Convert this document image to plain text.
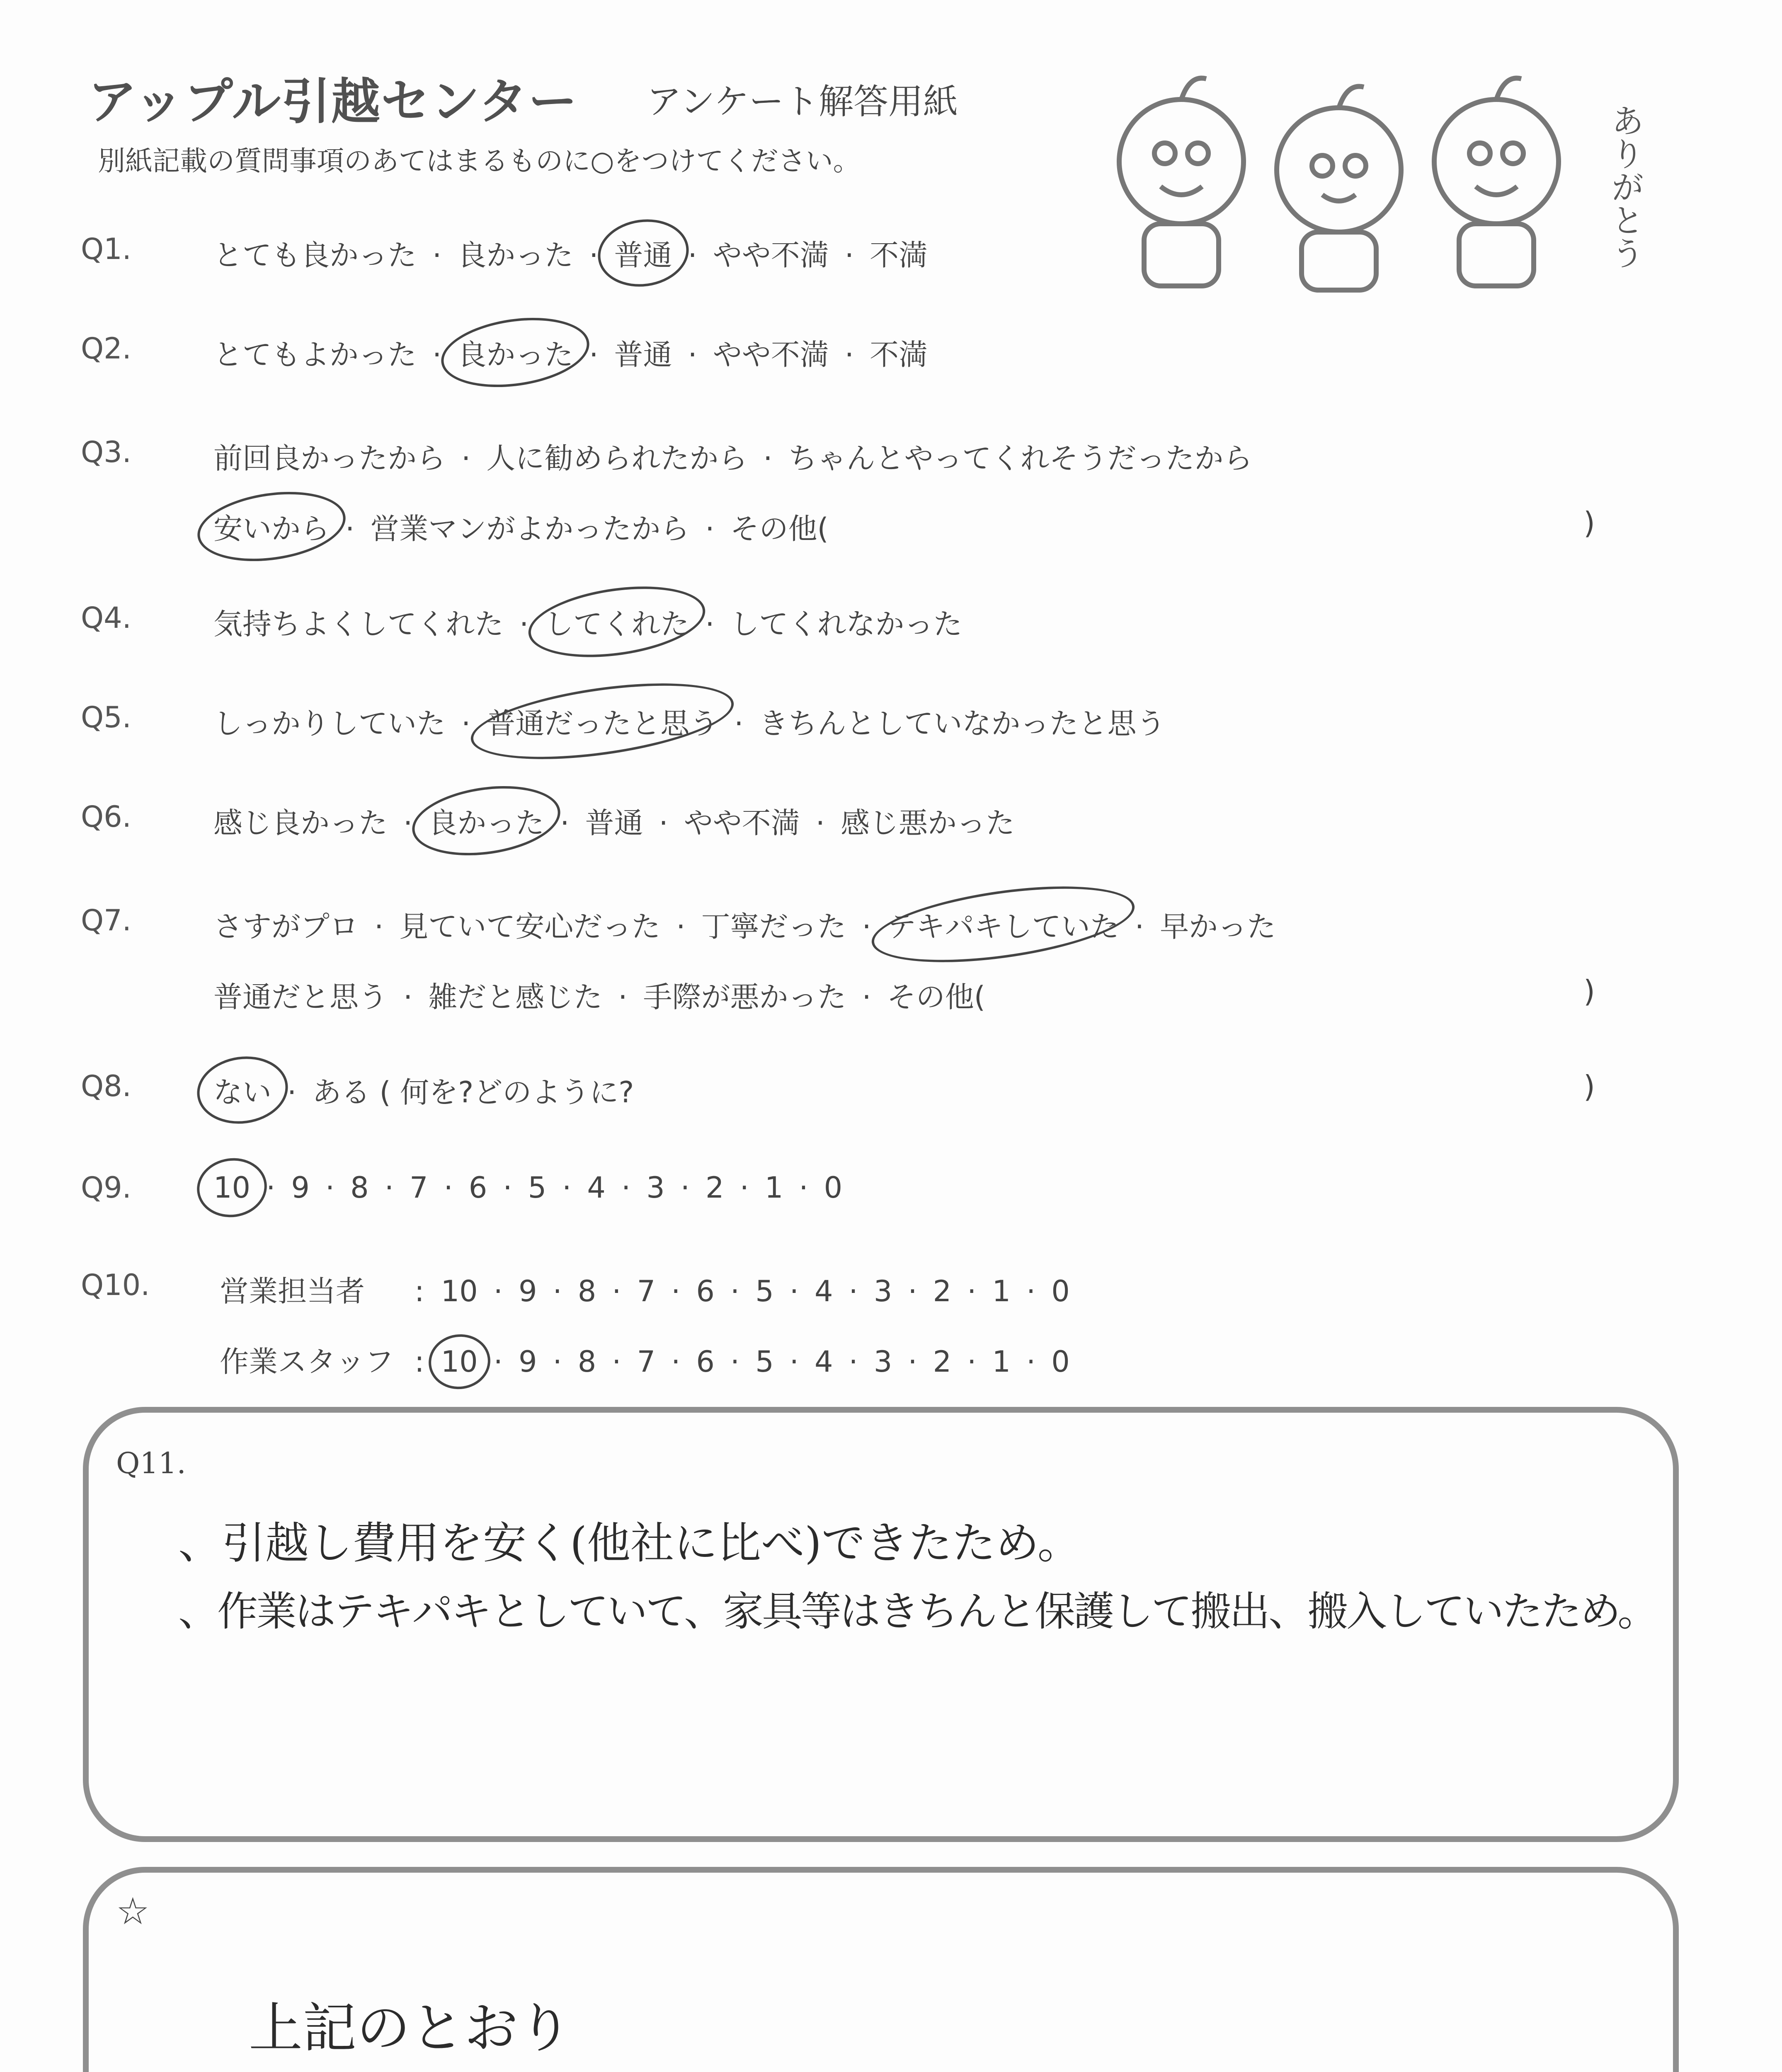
アップル引越センター アンケート解答用紙
別紙記載の質問事項のあてはまるものに○をつけてください。	ありがとう
Q1.	とても良かった · 良かった · 普通 · やや不満 · 不満
Q2.	とてもよかった · 良かった · 普通 · やや不満 · 不満
Q3.	前回良かったから · 人に勧められたから · ちゃんとやってくれそうだったから
安いから · 営業マンがよかったから · その他(	)
Q4.	気持ちよくしてくれた · してくれた · してくれなかった
Q5.	しっかりしていた · 普通だったと思う · きちんとしていなかったと思う
Q6.	感じ良かった · 良かった · 普通 · やや不満 · 感じ悪かった
Q7.	さすがプロ · 見ていて安心だった · 丁寧だった · テキパキしていた · 早かった
普通だと思う · 雑だと感じた · 手際が悪かった · その他(	)
Q8.	ない · ある ( 何を?どのように?	)
Q9.	10 · 9 · 8 · 7 · 6 · 5 · 4 · 3 · 2 · 1 · 0
Q10. 営業担当者 : 10 · 9 · 8 · 7 · 6 · 5 · 4 · 3 · 2 · 1 · 0
作業スタッフ : 10 · 9 · 8 · 7 · 6 · 5 · 4 · 3 · 2 · 1 · 0
Q11.
、引越し費用を安く(他社に比べ)できたため。
、作業はテキパキとしていて、家具等はきちんと保護して搬出、搬入していたため。
☆
上記のとおり
